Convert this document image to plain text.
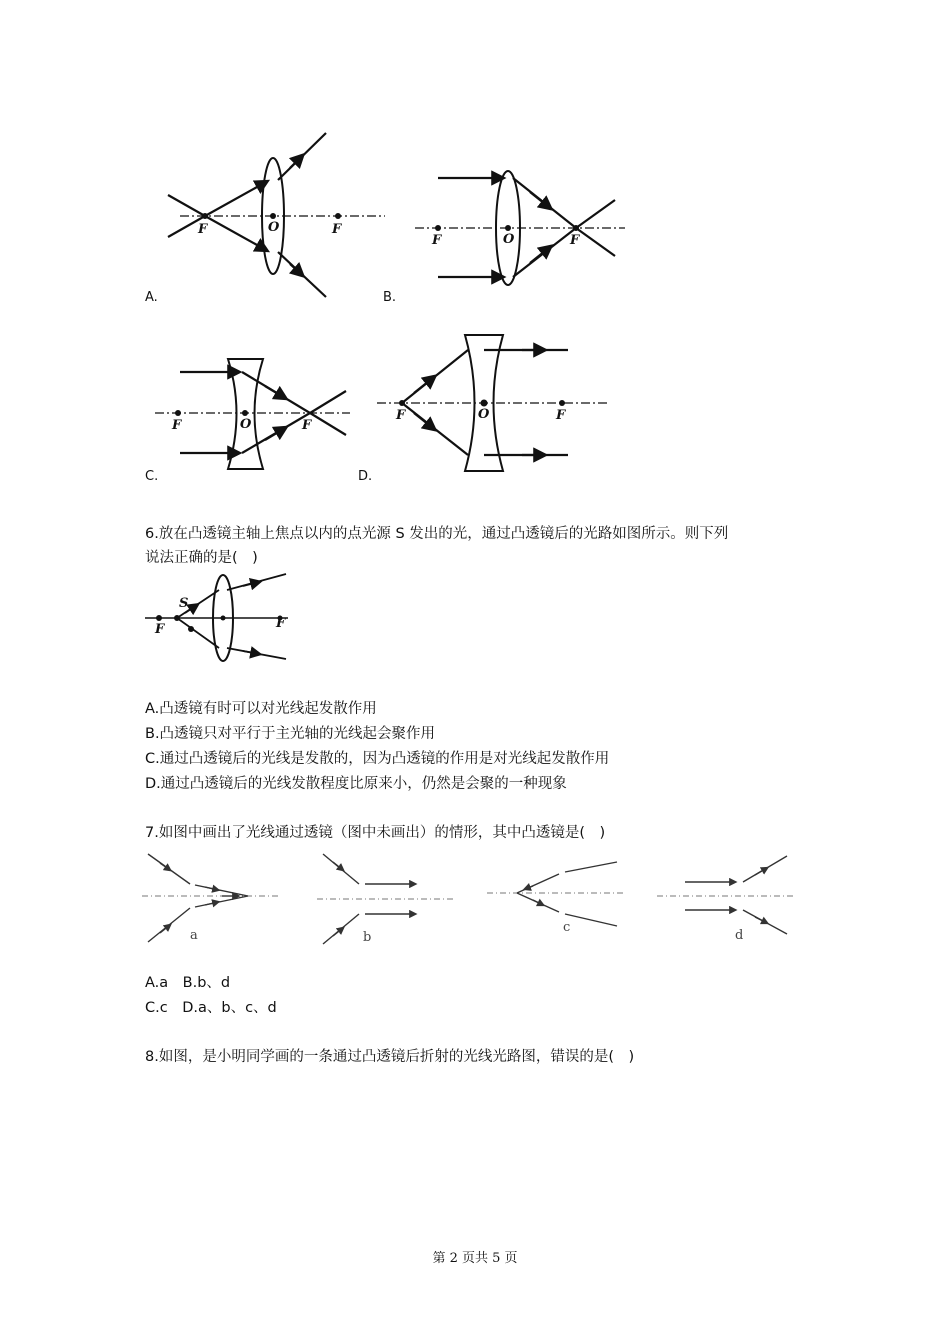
F	O	F
A.
F	O	F
B.
F	O	F
C.
F	O	F
D.
6.放在凸透镜主轴上焦点以内的点光源 S 发出的光，通过凸透镜后的光路如图所示。则下列
说法正确的是(　)
S
F	F
A.凸透镜有时可以对光线起发散作用
B.凸透镜只对平行于主光轴的光线起会聚作用
C.通过凸透镜后的光线是发散的，因为凸透镜的作用是对光线起发散作用
D.通过凸透镜后的光线发散程度比原来小，仍然是会聚的一种现象
7.如图中画出了光线通过透镜（图中未画出）的情形，其中凸透镜是(　)
a	b
c
d
A.a　B.b、d
C.c　D.a、b、c、d
8.如图，是小明同学画的一条通过凸透镜后折射的光线光路图，错误的是(　)
第 2 页共 5 页
